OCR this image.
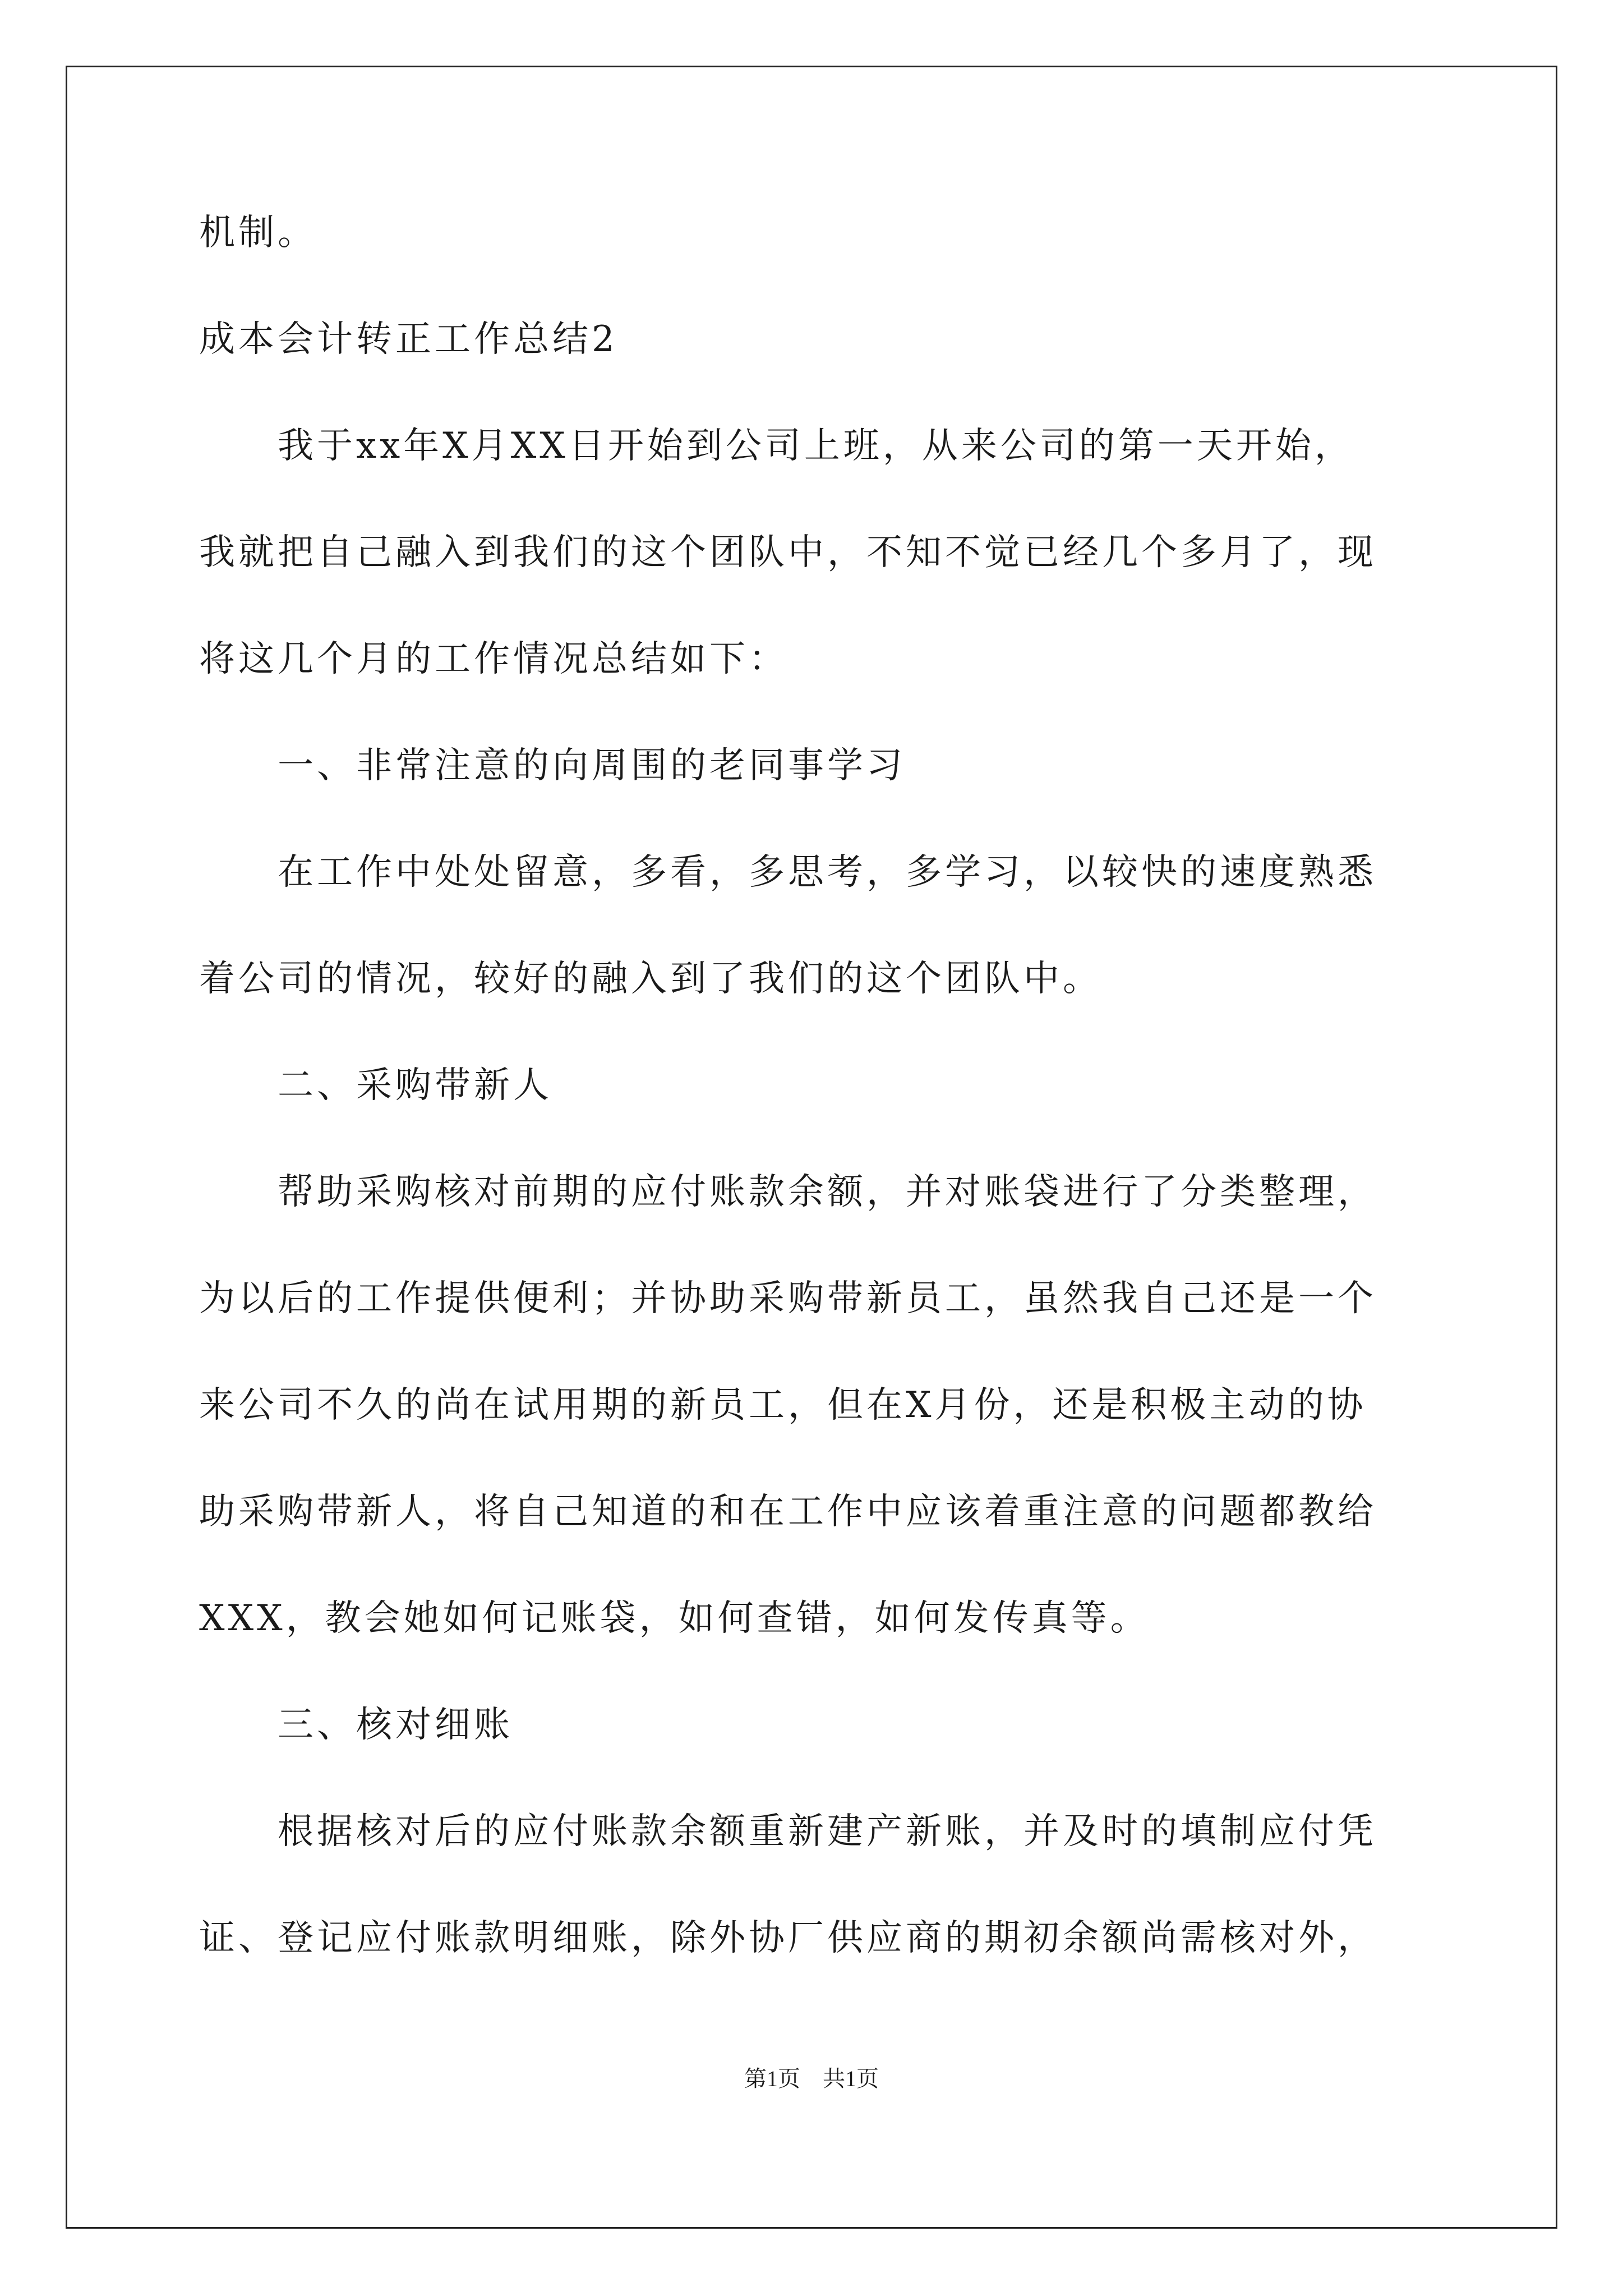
机制。
成本会计转正工作总结2
我于xx年X月XX日开始到公司上班，从来公司的第一天开始，
我就把自己融入到我们的这个团队中，不知不觉已经几个多月了，现
将这几个月的工作情况总结如下：
一、非常注意的向周围的老同事学习
在工作中处处留意，多看，多思考，多学习，以较快的速度熟悉
着公司的情况，较好的融入到了我们的这个团队中。
二、采购带新人
帮助采购核对前期的应付账款余额，并对账袋进行了分类整理，
为以后的工作提供便利；并协助采购带新员工，虽然我自己还是一个
来公司不久的尚在试用期的新员工，但在X月份，还是积极主动的协
助采购带新人，将自己知道的和在工作中应该着重注意的问题都教给
XXX，教会她如何记账袋，如何查错，如何发传真等。
三、核对细账
根据核对后的应付账款余额重新建产新账，并及时的填制应付凭
证、登记应付账款明细账，除外协厂供应商的期初余额尚需核对外，
第1页　共1页
